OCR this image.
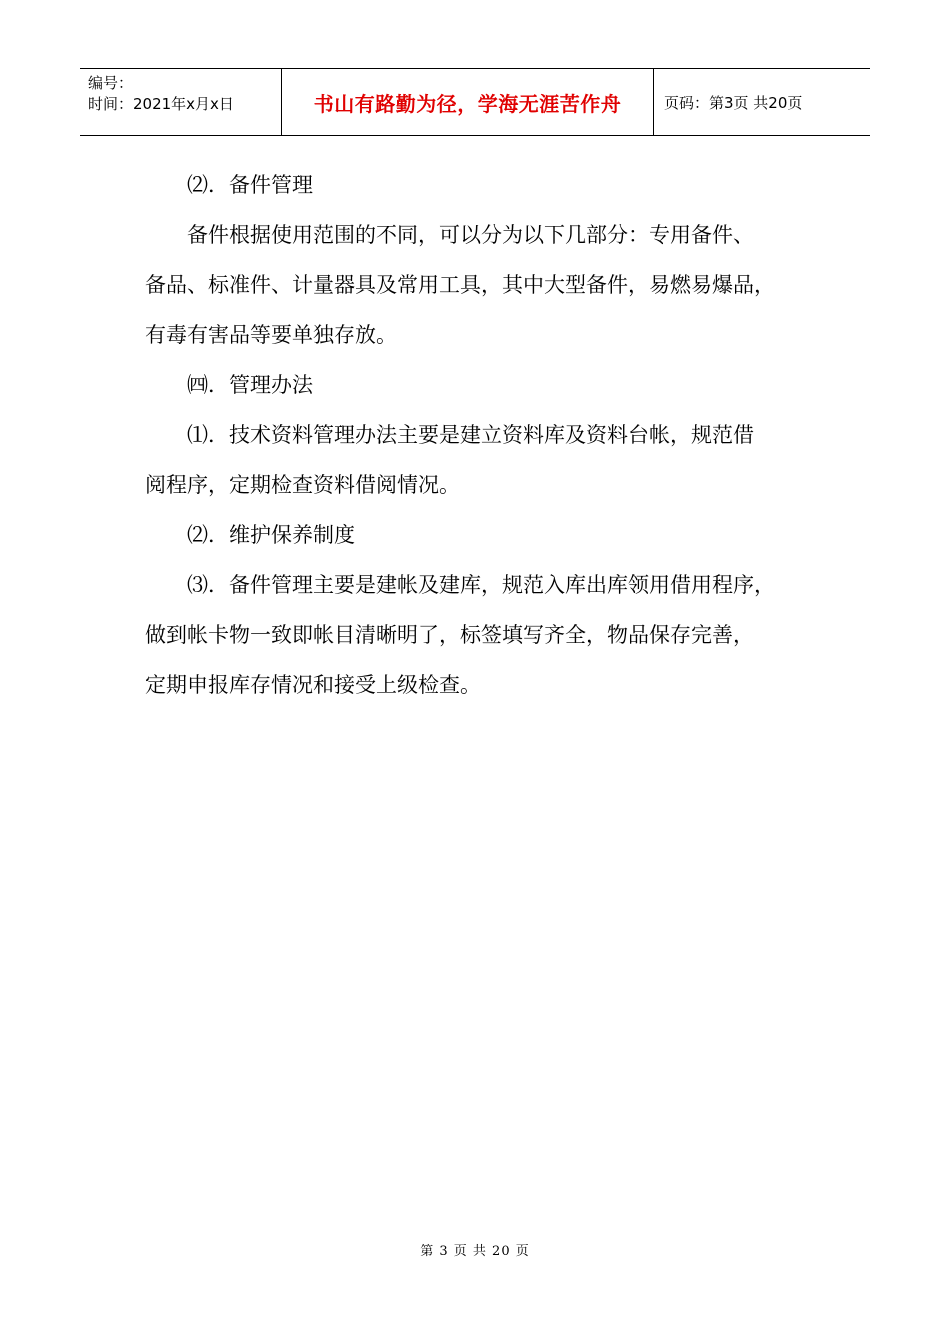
编号：
时间：2021年x月x日	书山有路勤为径，学海无涯苦作舟	页码：第3页 共20页

⑵．备件管理

备件根据使用范围的不同，可以分为以下几部分：专用备件、

备品、标准件、计量器具及常用工具，其中大型备件，易燃易爆品，

有毒有害品等要单独存放。

㈣．管理办法

⑴．技术资料管理办法主要是建立资料库及资料台帐，规范借

阅程序，定期检查资料借阅情况。

⑵．维护保养制度

⑶．备件管理主要是建帐及建库，规范入库出库领用借用程序，

做到帐卡物一致即帐目清晰明了，标签填写齐全，物品保存完善，

定期申报库存情况和接受上级检查。

第 3 页 共 20 页
